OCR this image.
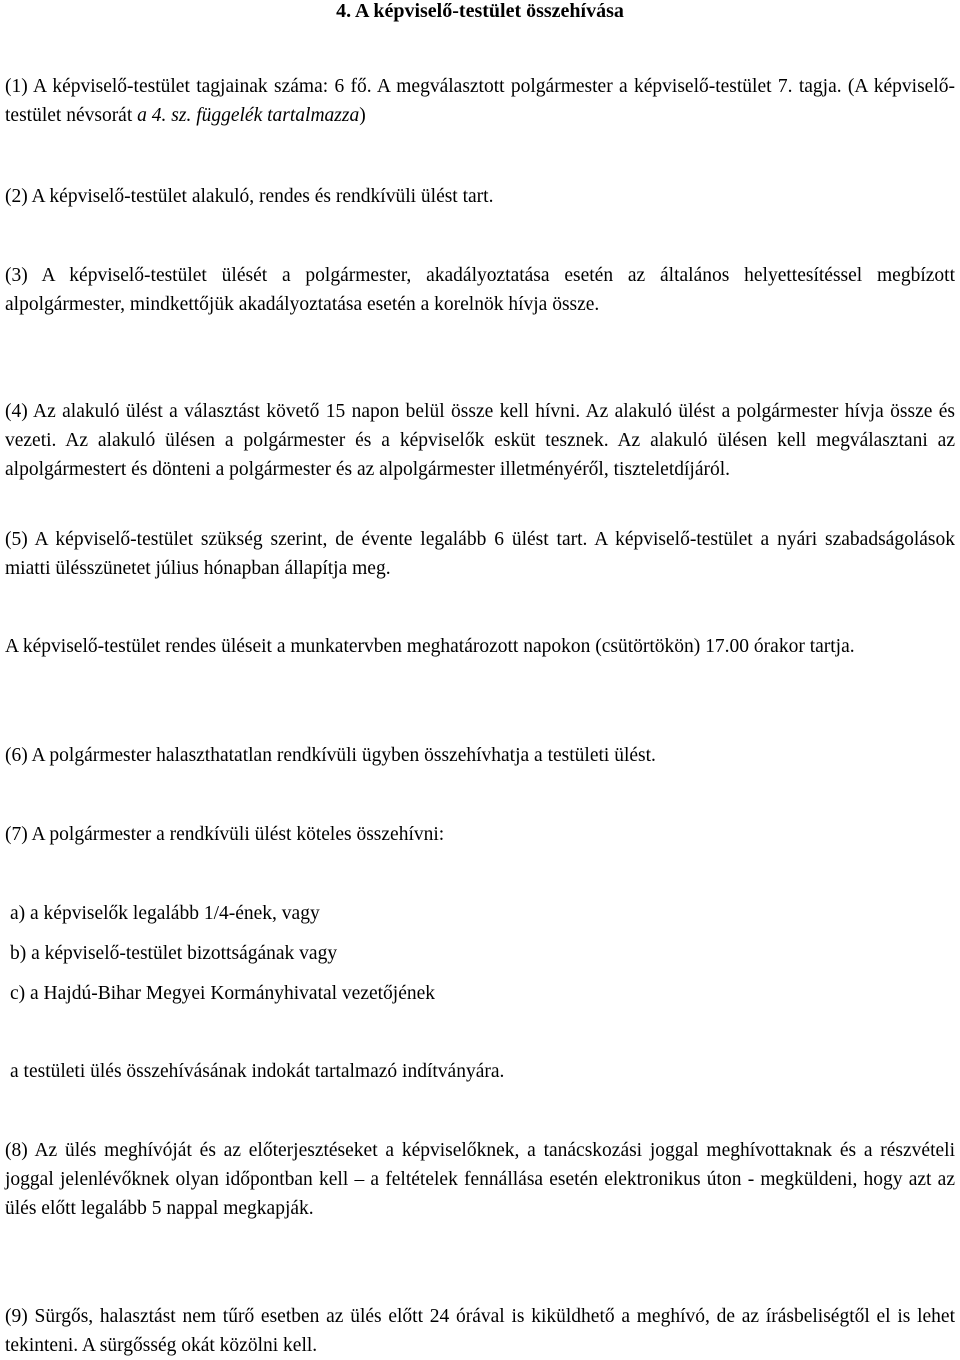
4. A képviselő-testület összehívása

(1) A képviselő-testület tagjainak száma: 6 fő. A megválasztott polgármester a képviselő-testület 7. tagja. (A képviselő-testület névsorát a 4. sz. függelék tartalmazza)

(2) A képviselő-testület alakuló, rendes és rendkívüli ülést tart.

(3) A képviselő-testület ülését a polgármester, akadályoztatása esetén az általános helyettesítéssel megbízott alpolgármester, mindkettőjük akadályoztatása esetén a korelnök hívja össze.

(4) Az alakuló ülést a választást követő 15 napon belül össze kell hívni. Az alakuló ülést a polgármester hívja össze és vezeti. Az alakuló ülésen a polgármester és a képviselők esküt tesznek. Az alakuló ülésen kell megválasztani az alpolgármestert és dönteni a polgármester és az alpolgármester illetményéről, tiszteletdíjáról.

(5) A képviselő-testület szükség szerint, de évente legalább 6 ülést tart. A képviselő-testület a nyári szabadságolások miatti ülésszünetet július hónapban állapítja meg.

A képviselő-testület rendes üléseit a munkatervben meghatározott napokon (csütörtökön) 17.00 órakor tartja.

(6) A polgármester halaszthatatlan rendkívüli ügyben összehívhatja a testületi ülést.

(7) A polgármester a rendkívüli ülést köteles összehívni:

a) a képviselők legalább 1/4-ének, vagy

b) a képviselő-testület bizottságának vagy

c) a Hajdú-Bihar Megyei Kormányhivatal vezetőjének

a testületi ülés összehívásának indokát tartalmazó indítványára.

(8) Az ülés meghívóját és az előterjesztéseket a képviselőknek, a tanácskozási joggal meghívottaknak és a részvételi joggal jelenlévőknek olyan időpontban kell – a feltételek fennállása esetén elektronikus úton - megküldeni, hogy azt az ülés előtt legalább 5 nappal megkapják.

(9) Sürgős, halasztást nem tűrő esetben az ülés előtt 24 órával is kiküldhető a meghívó, de az írásbeliségtől el is lehet tekinteni. A sürgősség okát közölni kell.
